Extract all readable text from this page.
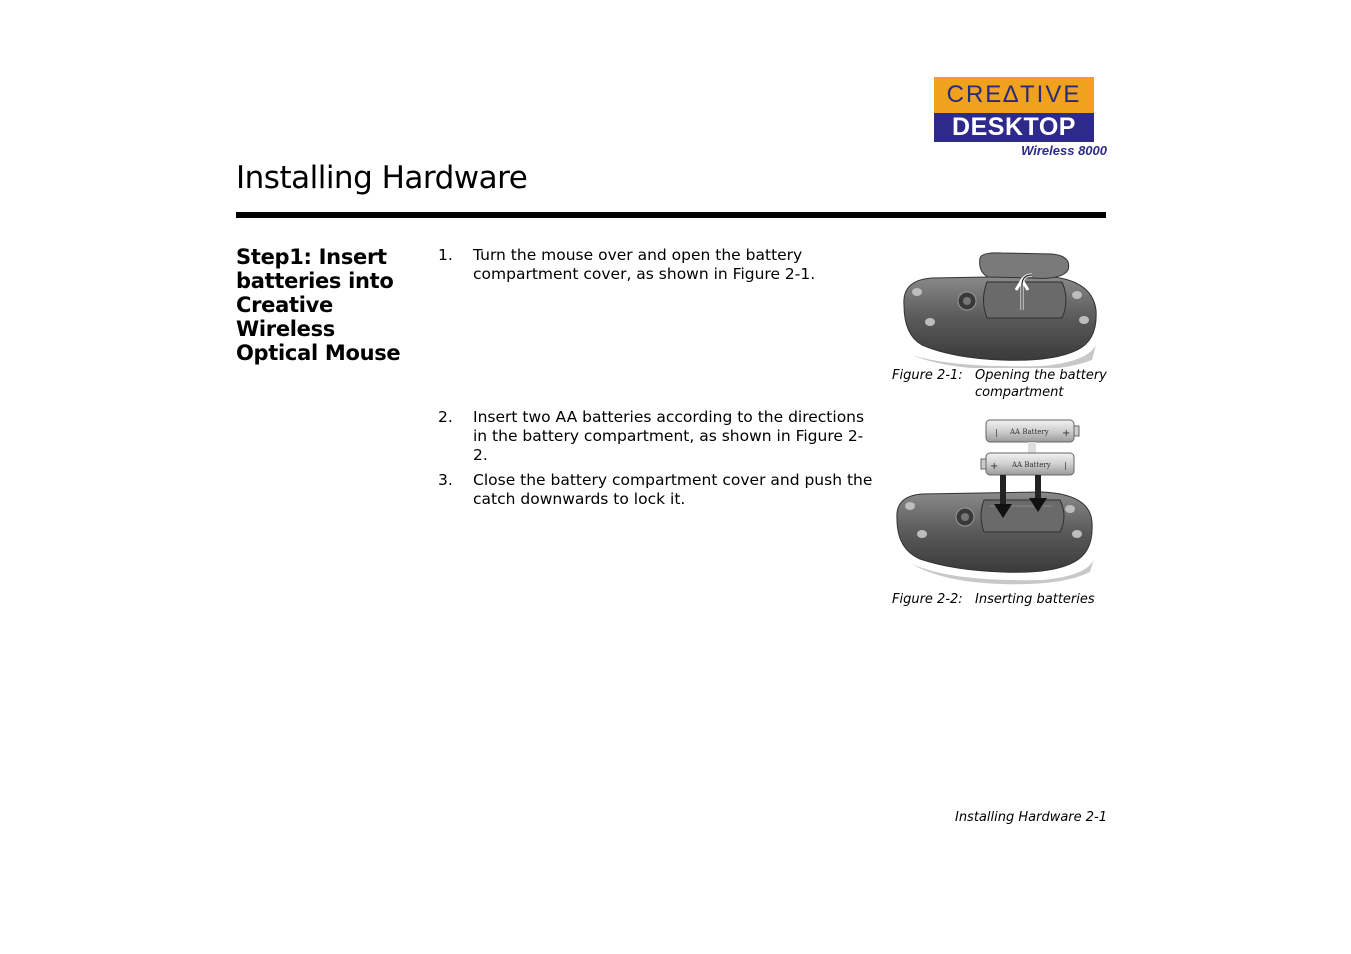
CRE∆TIVE
DESKTOP
Wireless 8000
Installing Hardware
Step1: Insert batteries into Creative Wireless Optical Mouse
1. Turn the mouse over and open the battery compartment cover, as shown in Figure 2-1.
2. Insert two AA batteries according to the directions in the battery compartment, as shown in Figure 2-2.
3. Close the battery compartment cover and push the catch downwards to lock it.
Figure 2-1: Opening the battery compartment
|	+
AA Battery
+	|
AA Battery
Figure 2-2: Inserting batteries
Installing Hardware 2-1
